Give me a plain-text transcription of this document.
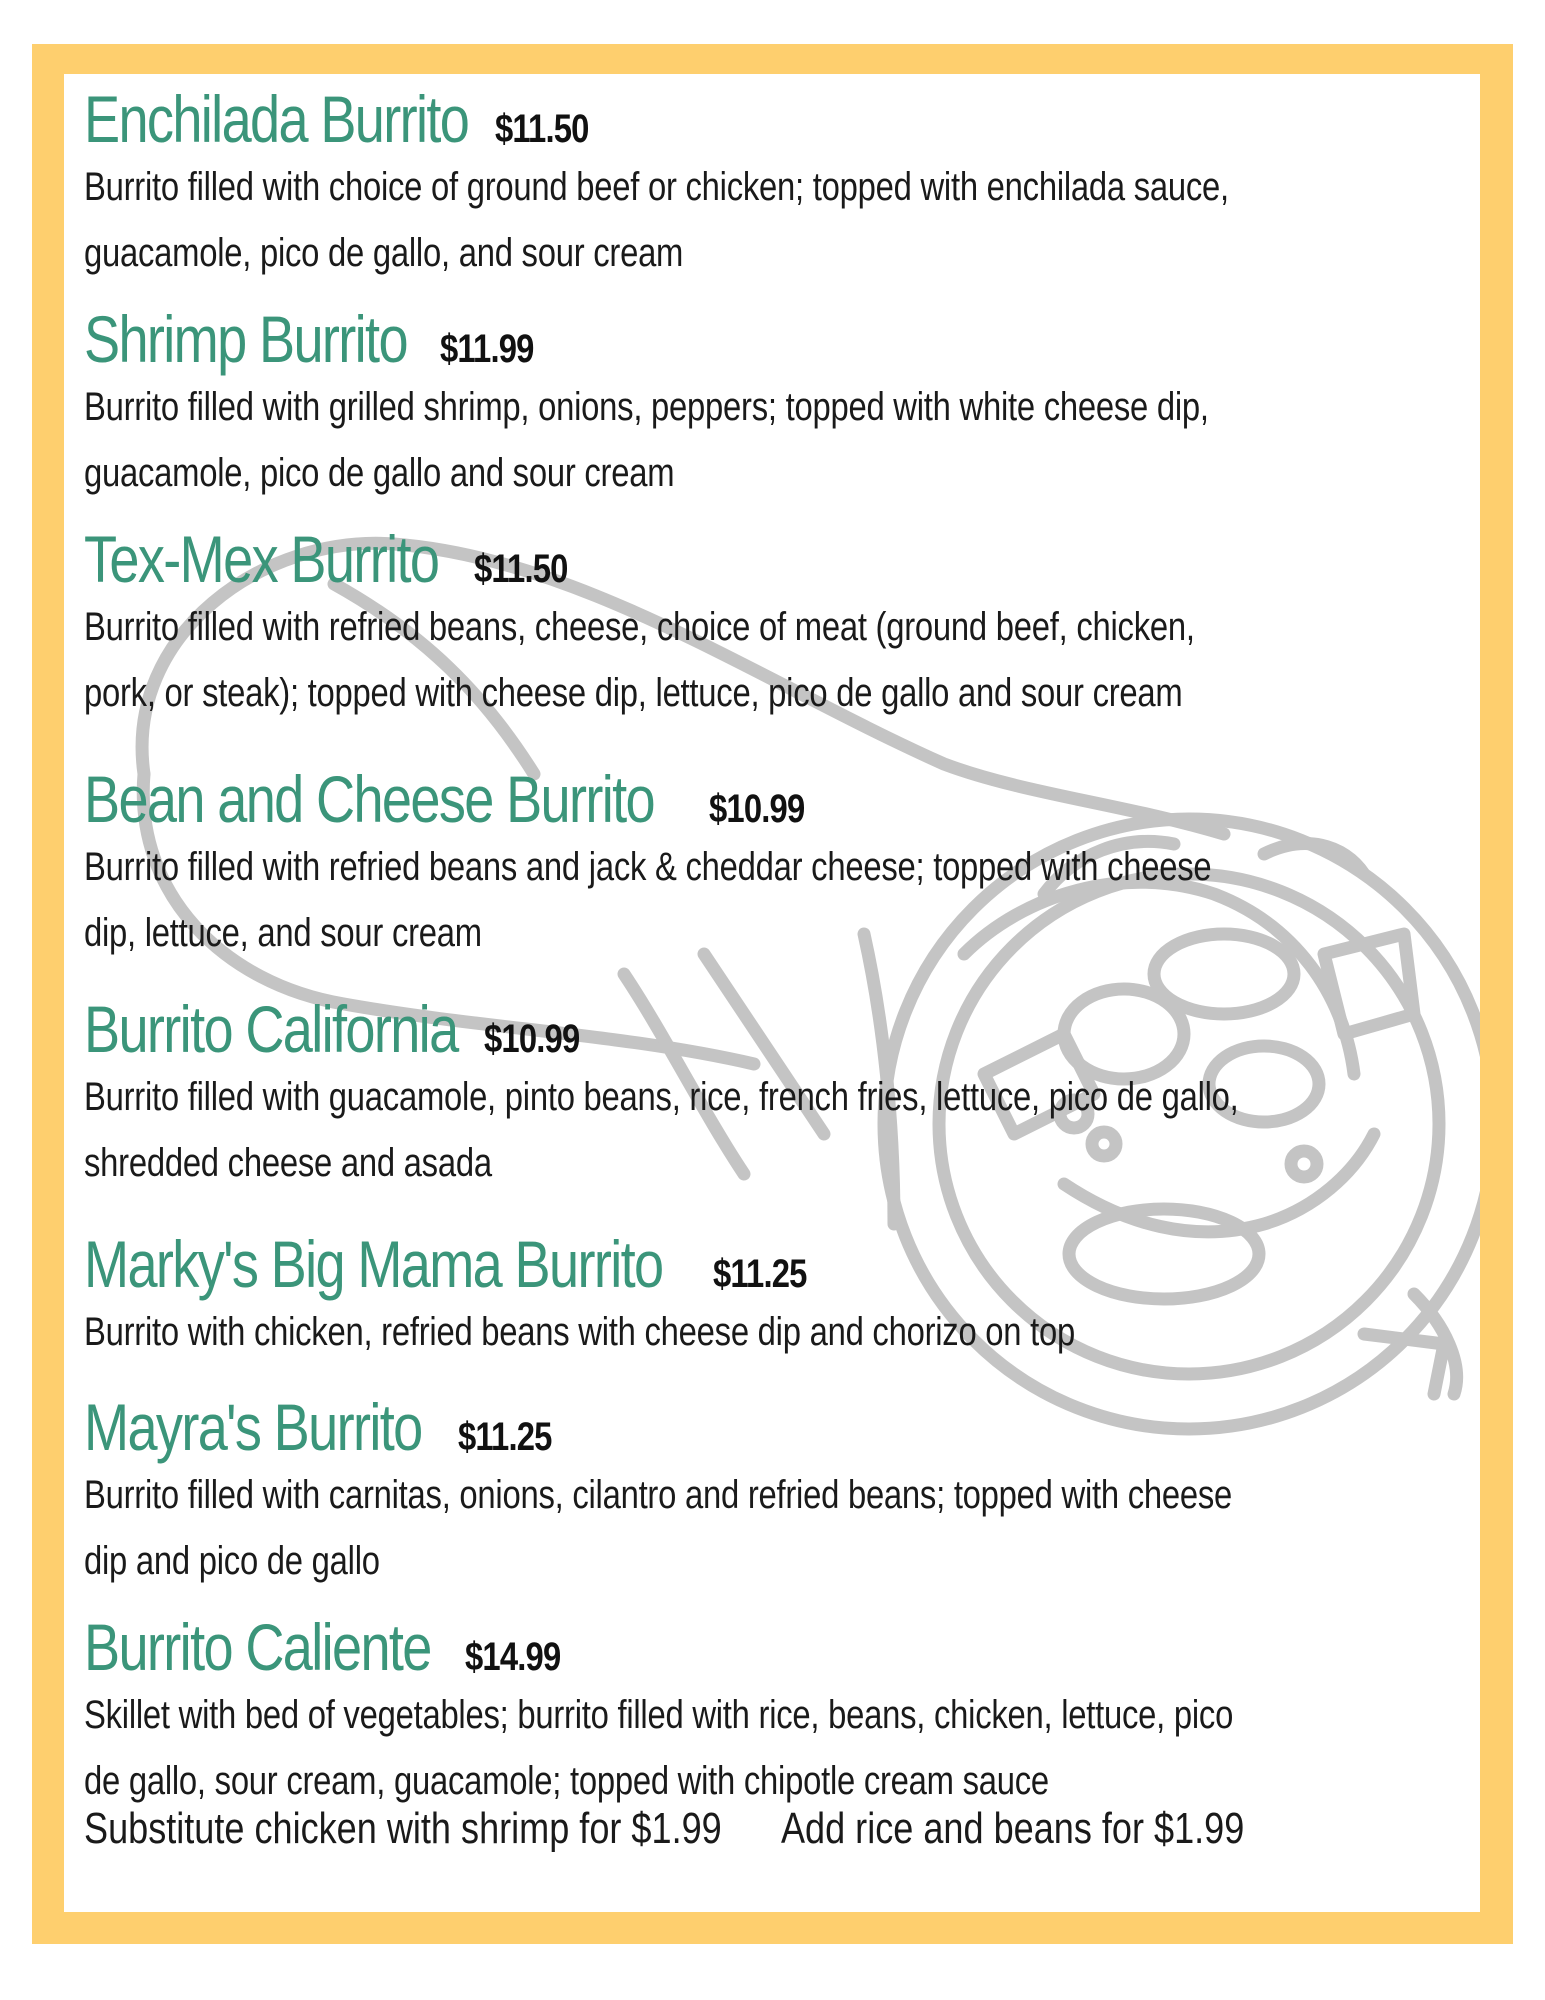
Enchilada Burrito $11.50

Burrito filled with choice of ground beef or chicken; topped with enchilada sauce, guacamole, pico de gallo, and sour cream

Shrimp Burrito $11.99

Burrito filled with grilled shrimp, onions, peppers; topped with white cheese dip, guacamole, pico de gallo and sour cream

Tex-Mex Burrito $11.50

Burrito filled with refried beans, cheese, choice of meat (ground beef, chicken, pork, or steak); topped with cheese dip, lettuce, pico de gallo and sour cream

Bean and Cheese Burrito $10.99

Burrito filled with refried beans and jack & cheddar cheese; topped with cheese dip, lettuce, and sour cream

Burrito California $10.99

Burrito filled with guacamole, pinto beans, rice, french fries, lettuce, pico de gallo, shredded cheese and asada

Marky's Big Mama Burrito $11.25

Burrito with chicken, refried beans with cheese dip and chorizo on top

Mayra's Burrito $11.25

Burrito filled with carnitas, onions, cilantro and refried beans; topped with cheese dip and pico de gallo

Burrito Caliente $14.99

Skillet with bed of vegetables; burrito filled with rice, beans, chicken, lettuce, pico de gallo, sour cream, guacamole; topped with chipotle cream sauce

Substitute chicken with shrimp for $1.99 Add rice and beans for $1.99
